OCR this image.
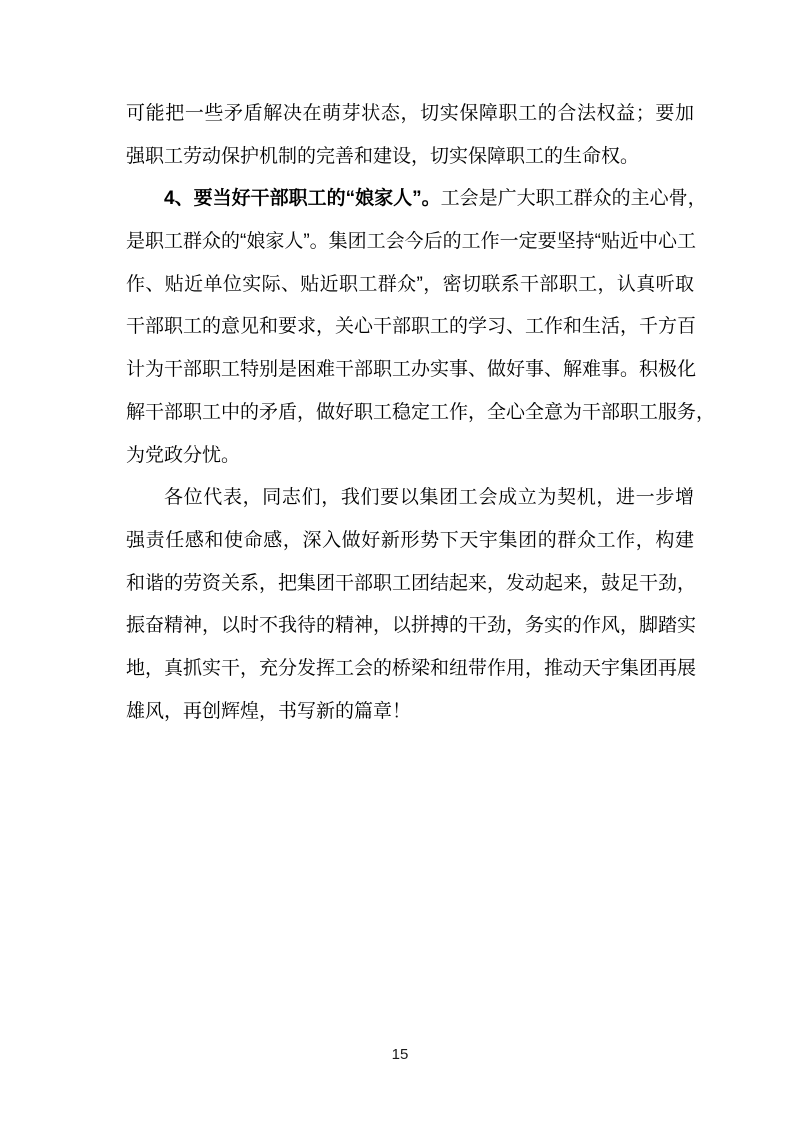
可能把一些矛盾解决在萌芽状态，切实保障职工的合法权益；要加
强职工劳动保护机制的完善和建设，切实保障职工的生命权。
4、要当好干部职工的“娘家人”。工会是广大职工群众的主心骨，
是职工群众的“娘家人”。集团工会今后的工作一定要坚持“贴近中心工
作、贴近单位实际、贴近职工群众”，密切联系干部职工，认真听取
干部职工的意见和要求，关心干部职工的学习、工作和生活，千方百
计为干部职工特别是困难干部职工办实事、做好事、解难事。积极化
解干部职工中的矛盾，做好职工稳定工作，全心全意为干部职工服务，
为党政分忧。
各位代表，同志们，我们要以集团工会成立为契机，进一步增
强责任感和使命感，深入做好新形势下天宇集团的群众工作，构建
和谐的劳资关系，把集团干部职工团结起来，发动起来，鼓足干劲，
振奋精神，以时不我待的精神，以拼搏的干劲，务实的作风，脚踏实
地，真抓实干，充分发挥工会的桥梁和纽带作用，推动天宇集团再展
雄风，再创辉煌，书写新的篇章！
15
